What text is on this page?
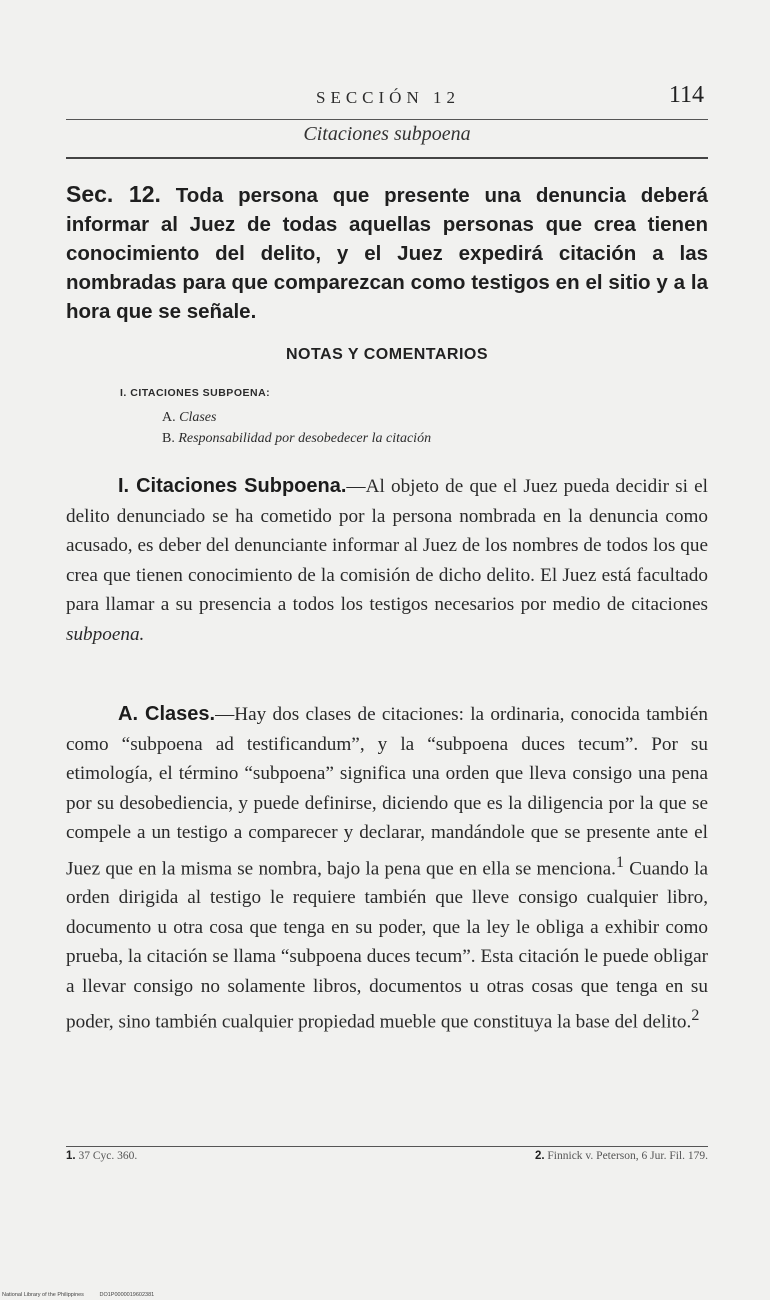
SECCIÓN 12	114
Citaciones subpoena
Sec. 12. Toda persona que presente una denuncia deberá informar al Juez de todas aquellas personas que crea tienen conocimiento del delito, y el Juez expedirá citación a las nombradas para que comparezcan como testigos en el sitio y a la hora que se señale.
NOTAS Y COMENTARIOS
I. CITACIONES SUBPOENA:
A. Clases
B. Responsabilidad por desobedecer la citación
I. Citaciones Subpoena.—Al objeto de que el Juez pueda decidir si el delito denunciado se ha cometido por la persona nombrada en la denuncia como acusado, es deber del denunciante informar al Juez de los nombres de todos los que crea que tienen conocimiento de la comisión de dicho delito. El Juez está facultado para llamar a su presencia a todos los testigos necesarios por medio de citaciones subpoena.
A. Clases.—Hay dos clases de citaciones: la ordinaria, conocida también como “subpoena ad testificandum”, y la “subpoena duces tecum”. Por su etimología, el término “subpoena” significa una orden que lleva consigo una pena por su desobediencia, y puede definirse, diciendo que es la diligencia por la que se compele a un testigo a comparecer y declarar, mandándole que se presente ante el Juez que en la misma se nombra, bajo la pena que en ella se menciona.$^1$ Cuando la orden dirigida al testigo le requiere también que lleve consigo cualquier libro, documento u otra cosa que tenga en su poder, que la ley le obliga a exhibir como prueba, la citación se llama “subpoena duces tecum”. Esta citación le puede obligar a llevar consigo no solamente libros, documentos u otras cosas que tenga en su poder, sino también cualquier propiedad mueble que constituya la base del delito.$^2$
1. 37 Cyc. 360.	2. Finnick v. Peterson, 6 Jur. Fil. 179.
National Library of the Philippines	DO1P0000019602381
